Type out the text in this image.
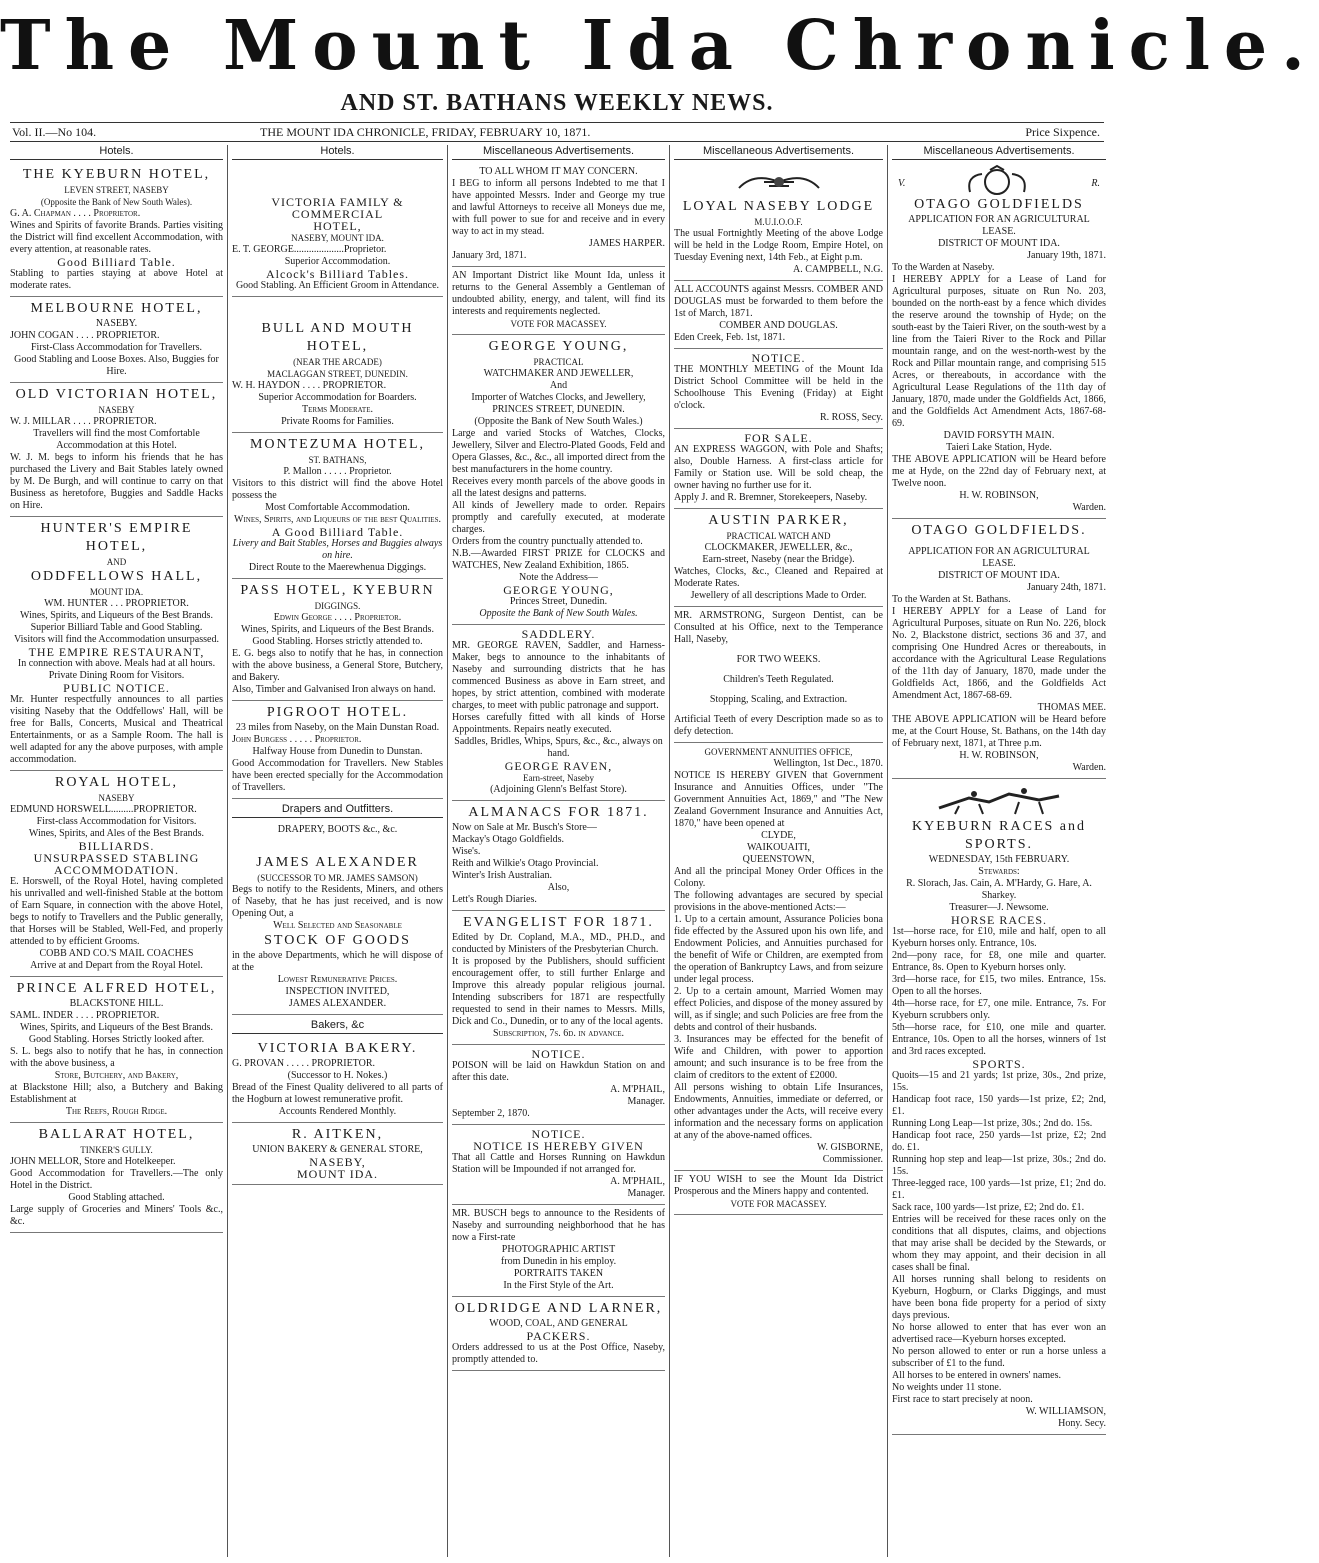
The Mount Ida Chronicle.
AND ST. BATHANS WEEKLY NEWS.
Vol. II.—No 104.	THE MOUNT IDA CHRONICLE, FRIDAY, FEBRUARY 10, 1871.	Price Sixpence.
Hotels.
THE KYEBURN HOTEL,
LEVEN STREET, NASEBY
(Opposite the Bank of New South Wales).
G. A. Chapman . . . . Proprietor.

Wines and Spirits of favorite Brands. Parties visiting the District will find excellent Accommodation, with every attention, at reasonable rates.

Good Billiard Table.

Stabling to parties staying at above Hotel at moderate rates.

MELBOURNE HOTEL,
NASEBY.
JOHN COGAN . . . . PROPRIETOR.
First-Class Accommodation for Travellers.
Good Stabling and Loose Boxes. Also, Buggies for Hire.
OLD VICTORIAN HOTEL,
NASEBY
W. J. MILLAR . . . . PROPRIETOR.
Travellers will find the most Comfortable Accommodation at this Hotel.

W. J. M. begs to inform his friends that he has purchased the Livery and Bait Stables lately owned by M. De Burgh, and will continue to carry on that Business as heretofore, Buggies and Saddle Hacks on Hire.

HUNTER'S EMPIRE HOTEL,
AND
ODDFELLOWS HALL,
MOUNT IDA.
WM. HUNTER . . . PROPRIETOR.
Wines, Spirits, and Liqueurs of the Best Brands.
Superior Billiard Table and Good Stabling.
Visitors will find the Accommodation unsurpassed.
THE EMPIRE RESTAURANT,
In connection with above. Meals had at all hours. Private Dining Room for Visitors.
PUBLIC NOTICE.

Mr. Hunter respectfully announces to all parties visiting Naseby that the Oddfellows' Hall, will be free for Balls, Concerts, Musical and Theatrical Entertainments, or as a Sample Room. The hall is well adapted for any the above purposes, with ample accommodation.

ROYAL HOTEL,
NASEBY
EDMUND HORSWELL.........PROPRIETOR.
First-class Accommodation for Visitors.
Wines, Spirits, and Ales of the Best Brands.
BILLIARDS.
UNSURPASSED STABLING ACCOMMODATION.

E. Horswell, of the Royal Hotel, having completed his unrivalled and well-finished Stable at the bottom of Earn Square, in connection with the above Hotel, begs to notify to Travellers and the Public generally, that Horses will be Stabled, Well-Fed, and properly attended to by efficient Grooms.

COBB AND CO.'S MAIL COACHES
Arrive at and Depart from the Royal Hotel.
PRINCE ALFRED HOTEL,
BLACKSTONE HILL.
SAML. INDER . . . . PROPRIETOR.
Wines, Spirits, and Liqueurs of the Best Brands.
Good Stabling. Horses Strictly looked after.

S. L. begs also to notify that he has, in connection with the above business, a

Store, Butchery, and Bakery,

at Blackstone Hill; also, a Butchery and Baking Establishment at

The Reefs, Rough Ridge.
BALLARAT HOTEL,
TINKER'S GULLY.
JOHN MELLOR, Store and Hotelkeeper.

Good Accommodation for Travellers.—The only Hotel in the District.

Good Stabling attached.

Large supply of Groceries and Miners' Tools &c., &c.

Hotels.
VICTORIA FAMILY & COMMERCIAL
HOTEL,
NASEBY, MOUNT IDA.
E. T. GEORGE....................Proprietor.
Superior Accommodation.
Alcock's Billiard Tables.
Good Stabling. An Efficient Groom in Attendance.
BULL AND MOUTH HOTEL,
(NEAR THE ARCADE)
MACLAGGAN STREET, DUNEDIN.
W. H. HAYDON . . . . PROPRIETOR.
Superior Accommodation for Boarders.
Terms Moderate.
Private Rooms for Families.
MONTEZUMA HOTEL,
ST. BATHANS,
P. Mallon . . . . . Proprietor.

Visitors to this district will find the above Hotel possess the

Most Comfortable Accommodation.
Wines, Spirits, and Liqueurs of the best Qualities.
A Good Billiard Table.
Livery and Bait Stables, Horses and Buggies always on hire.
Direct Route to the Maerewhenua Diggings.
PASS HOTEL, KYEBURN
DIGGINGS.
Edwin George . . . . Proprietor.
Wines, Spirits, and Liqueurs of the Best Brands.
Good Stabling. Horses strictly attended to.

E. G. begs also to notify that he has, in connection with the above business, a General Store, Butchery, and Bakery.

Also, Timber and Galvanised Iron always on hand.

PIGROOT HOTEL.
23 miles from Naseby, on the Main Dunstan Road.
John Burgess . . . . . Proprietor.
Halfway House from Dunedin to Dunstan.

Good Accommodation for Travellers. New Stables have been erected specially for the Accommodation of Travellers.

Drapers and Outfitters.
DRAPERY, BOOTS &c., &c.
JAMES ALEXANDER
(SUCCESSOR TO MR. JAMES SAMSON)

Begs to notify to the Residents, Miners, and others of Naseby, that he has just received, and is now Opening Out, a

Well Selected and Seasonable
STOCK OF GOODS

in the above Departments, which he will dispose of at the

Lowest Remunerative Prices.
INSPECTION INVITED,
JAMES ALEXANDER.
Bakers, &c
VICTORIA BAKERY.
G. PROVAN . . . . . PROPRIETOR.
(Successor to H. Nokes.)

Bread of the Finest Quality delivered to all parts of the Hogburn at lowest remunerative profit.

Accounts Rendered Monthly.
R. AITKEN,
UNION BAKERY & GENERAL STORE,
NASEBY,
MOUNT IDA.
Miscellaneous Advertisements.
TO ALL WHOM IT MAY CONCERN.

I BEG to inform all persons Indebted to me that I have appointed Messrs. Inder and George my true and lawful Attorneys to receive all Moneys due me, with full power to sue for and receive and in every way to act in my stead.

JAMES HARPER.
January 3rd, 1871.

AN Important District like Mount Ida, unless it returns to the General Assembly a Gentleman of undoubted ability, energy, and talent, will find its interests and requirements neglected.

VOTE FOR MACASSEY.
GEORGE YOUNG,
PRACTICAL
WATCHMAKER AND JEWELLER,
And
Importer of Watches Clocks, and Jewellery, PRINCES STREET, DUNEDIN.
(Opposite the Bank of New South Wales.)

Large and varied Stocks of Watches, Clocks, Jewellery, Silver and Electro-Plated Goods, Feld and Opera Glasses, &c., &c., all imported direct from the best manufacturers in the home country.

Receives every month parcels of the above goods in all the latest designs and patterns.

All kinds of Jewellery made to order. Repairs promptly and carefully executed, at moderate charges.

Orders from the country punctually attended to.

N.B.—Awarded FIRST PRIZE for CLOCKS and WATCHES, New Zealand Exhibition, 1865.

Note the Address—
GEORGE YOUNG,
Princes Street, Dunedin.
Opposite the Bank of New South Wales.
SADDLERY.

MR. GEORGE RAVEN, Saddler, and Harness-Maker, begs to announce to the inhabitants of Naseby and surrounding districts that he has commenced Business as above in Earn street, and hopes, by strict attention, combined with moderate charges, to meet with public patronage and support.

Horses carefully fitted with all kinds of Horse Appointments. Repairs neatly executed.

Saddles, Bridles, Whips, Spurs, &c., &c., always on hand.
GEORGE RAVEN,
Earn-street, Naseby
(Adjoining Glenn's Belfast Store).
ALMANACS FOR 1871.
Now on Sale at Mr. Busch's Store—
Mackay's Otago Goldfields.
Wise's.
Reith and Wilkie's Otago Provincial.
Winter's Irish Australian.
Also,
Lett's Rough Diaries.
EVANGELIST FOR 1871.

Edited by Dr. Copland, M.A., MD., PH.D., and conducted by Ministers of the Presbyterian Church.

It is proposed by the Publishers, should sufficient encouragement offer, to still further Enlarge and Improve this already popular religious journal. Intending subscribers for 1871 are respectfully requested to send in their names to Messrs. Mills, Dick and Co., Dunedin, or to any of the local agents.

Subscription, 7s. 6d. in advance.
NOTICE.

POISON will be laid on Hawkdun Station on and after this date.

A. M'PHAIL,
Manager.
September 2, 1870.
NOTICE.
NOTICE IS HEREBY GIVEN

That all Cattle and Horses Running on Hawkdun Station will be Impounded if not arranged for.

A. M'PHAIL,
Manager.

MR. BUSCH begs to announce to the Residents of Naseby and surrounding neighborhood that he has now a First-rate

PHOTOGRAPHIC ARTIST
from Dunedin in his employ.
PORTRAITS TAKEN
In the First Style of the Art.
OLDRIDGE AND LARNER,
WOOD, COAL, AND GENERAL
PACKERS.

Orders addressed to us at the Post Office, Naseby, promptly attended to.

Miscellaneous Advertisements.
LOYAL NASEBY LODGE
M.U.I.O.O.F.

The usual Fortnightly Meeting of the above Lodge will be held in the Lodge Room, Empire Hotel, on Tuesday Evening next, 14th Feb., at Eight p.m.

A. CAMPBELL, N.G.

ALL ACCOUNTS against Messrs. COMBER AND DOUGLAS must be forwarded to them before the 1st of March, 1871.

COMBER AND DOUGLAS.
Eden Creek, Feb. 1st, 1871.
NOTICE.

THE MONTHLY MEETING of the Mount Ida District School Committee will be held in the Schoolhouse This Evening (Friday) at Eight o'clock.

R. ROSS, Secy.
FOR SALE.

AN EXPRESS WAGGON, with Pole and Shafts; also, Double Harness. A first-class article for Family or Station use. Will be sold cheap, the owner having no further use for it.

Apply J. and R. Bremner, Storekeepers, Naseby.

AUSTIN PARKER,
PRACTICAL WATCH AND
CLOCKMAKER, JEWELLER, &c.,
Earn-street, Naseby (near the Bridge).

Watches, Clocks, &c., Cleaned and Repaired at Moderate Rates.

Jewellery of all descriptions Made to Order.

MR. ARMSTRONG, Surgeon Dentist, can be Consulted at his Office, next to the Temperance Hall, Naseby,

FOR TWO WEEKS.
Children's Teeth Regulated.
Stopping, Scaling, and Extraction.

Artificial Teeth of every Description made so as to defy detection.

GOVERNMENT ANNUITIES OFFICE,
Wellington, 1st Dec., 1870.

NOTICE IS HEREBY GIVEN that Government Insurance and Annuities Offices, under "The Government Annuities Act, 1869," and "The New Zealand Government Insurance and Annuities Act, 1870," have been opened at

CLYDE,
WAIKOUAITI,
QUEENSTOWN,

And all the principal Money Order Offices in the Colony.

The following advantages are secured by special provisions in the above-mentioned Acts:—

1. Up to a certain amount, Assurance Policies bona fide effected by the Assured upon his own life, and Endowment Policies, and Annuities purchased for the benefit of Wife or Children, are exempted from the operation of Bankruptcy Laws, and from seizure under legal process.

2. Up to a certain amount, Married Women may effect Policies, and dispose of the money assured by will, as if single; and such Policies are free from the debts and control of their husbands.

3. Insurances may be effected for the benefit of Wife and Children, with power to apportion amount; and such insurance is to be free from the claim of creditors to the extent of £2000.

All persons wishing to obtain Life Insurances, Endowments, Annuities, immediate or deferred, or other advantages under the Acts, will receive every information and the necessary forms on application at any of the above-named offices.

W. GISBORNE,
Commissioner.

IF YOU WISH to see the Mount Ida District Prosperous and the Miners happy and contented.

VOTE FOR MACASSEY.
Miscellaneous Advertisements.
V.	R.
OTAGO GOLDFIELDS
APPLICATION FOR AN AGRICULTURAL LEASE.
DISTRICT OF MOUNT IDA.
January 19th, 1871.
To the Warden at Naseby.

I HEREBY APPLY for a Lease of Land for Agricultural purposes, situate on Run No. 203, bounded on the north-east by a fence which divides the reserve around the township of Hyde; on the south-east by the Taieri River, on the south-west by a line from the Taieri River to the Rock and Pillar mountain range, and on the west-north-west by the Rock and Pillar mountain range, and comprising 515 Acres, or thereabouts, in accordance with the Agricultural Lease Regulations of the 11th day of January, 1870, made under the Goldfields Act, 1866, and the Goldfields Act Amendment Acts, 1867-68-69.

DAVID FORSYTH MAIN.
Taieri Lake Station, Hyde.

THE ABOVE APPLICATION will be Heard before me at Hyde, on the 22nd day of February next, at Twelve noon.

H. W. ROBINSON,
Warden.
OTAGO GOLDFIELDS.
APPLICATION FOR AN AGRICULTURAL LEASE.
DISTRICT OF MOUNT IDA.
January 24th, 1871.
To the Warden at St. Bathans.

I HEREBY APPLY for a Lease of Land for Agricultural Purposes, situate on Run No. 226, block No. 2, Blackstone district, sections 36 and 37, and comprising One Hundred Acres or thereabouts, in accordance with the Agricultural Lease Regulations of the 11th day of January, 1870, made under the Goldfields Act, 1866, and the Goldfields Act Amendment Act, 1867-68-69.

THOMAS MEE.

THE ABOVE APPLICATION will be Heard before me, at the Court House, St. Bathans, on the 14th day of February next, 1871, at Three p.m.

H. W. ROBINSON,
Warden.
KYEBURN RACES and SPORTS.
WEDNESDAY, 15th FEBRUARY.
Stewards:
R. Slorach, Jas. Cain, A. M'Hardy, G. Hare, A. Sharkey.
Treasurer—J. Newsome.
HORSE RACES.

1st—horse race, for £10, mile and half, open to all Kyeburn horses only. Entrance, 10s.

2nd—pony race, for £8, one mile and quarter. Entrance, 8s. Open to Kyeburn horses only.

3rd—horse race, for £15, two miles. Entrance, 15s. Open to all the horses.

4th—horse race, for £7, one mile. Entrance, 7s. For Kyeburn scrubbers only.

5th—horse race, for £10, one mile and quarter. Entrance, 10s. Open to all the horses, winners of 1st and 3rd races excepted.

SPORTS.

Quoits—15 and 21 yards; 1st prize, 30s., 2nd prize, 15s.

Handicap foot race, 150 yards—1st prize, £2; 2nd, £1.

Running Long Leap—1st prize, 30s.; 2nd do. 15s.

Handicap foot race, 250 yards—1st prize, £2; 2nd do. £1.

Running hop step and leap—1st prize, 30s.; 2nd do. 15s.

Three-legged race, 100 yards—1st prize, £1; 2nd do. £1.

Sack race, 100 yards—1st prize, £2; 2nd do. £1.

Entries will be received for these races only on the conditions that all disputes, claims, and objections that may arise shall be decided by the Stewards, or whom they may appoint, and their decision in all cases shall be final.

All horses running shall belong to residents on Kyeburn, Hogburn, or Clarks Diggings, and must have been bona fide property for a period of sixty days previous.

No horse allowed to enter that has ever won an advertised race—Kyeburn horses excepted.

No person allowed to enter or run a horse unless a subscriber of £1 to the fund.

All horses to be entered in owners' names.

No weights under 11 stone.

First race to start precisely at noon.

W. WILLIAMSON,
Hony. Secy.
